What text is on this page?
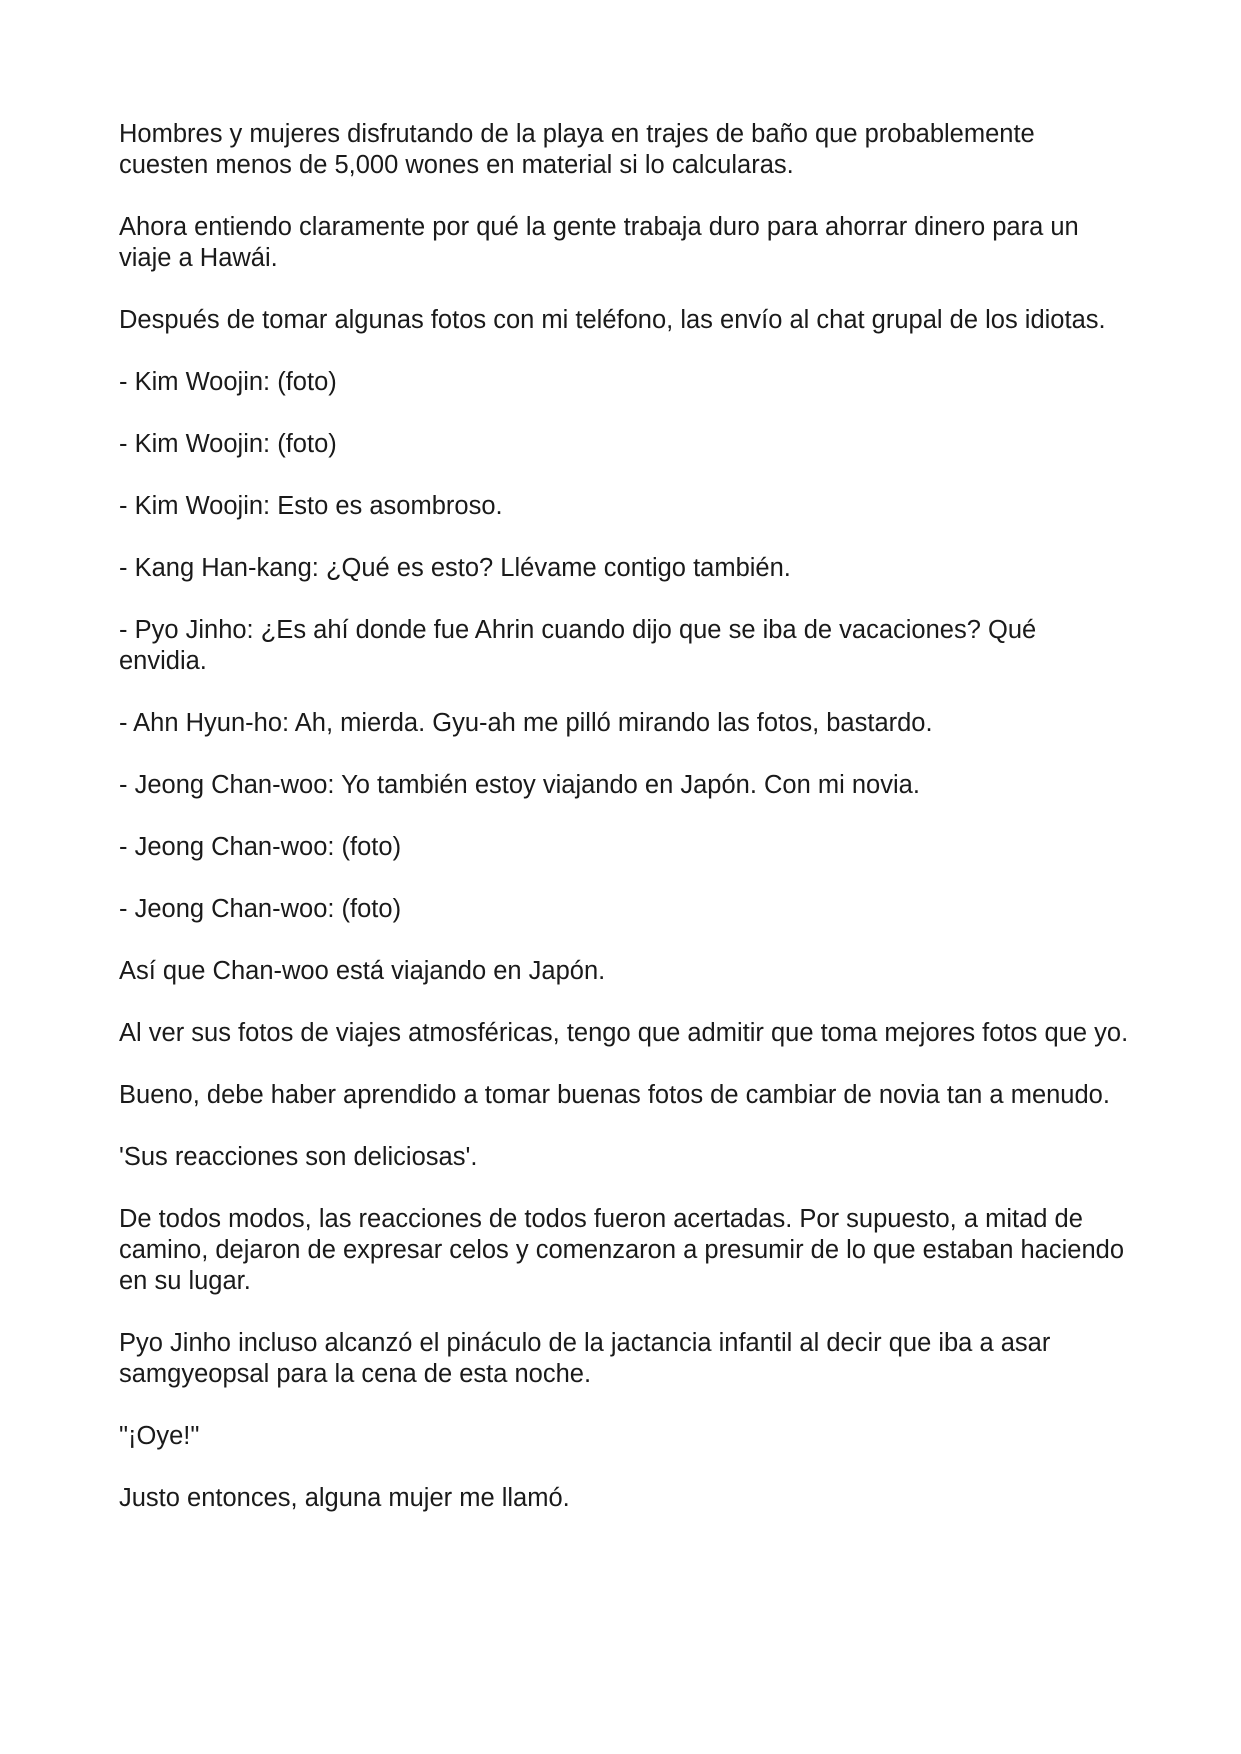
Hombres y mujeres disfrutando de la playa en trajes de baño que probablemente cuesten menos de 5,000 wones en material si lo calcularas.

Ahora entiendo claramente por qué la gente trabaja duro para ahorrar dinero para un viaje a Hawái.

Después de tomar algunas fotos con mi teléfono, las envío al chat grupal de los idiotas.

- Kim Woojin: (foto)

- Kim Woojin: (foto)

- Kim Woojin: Esto es asombroso.

- Kang Han-kang: ¿Qué es esto? Llévame contigo también.

- Pyo Jinho: ¿Es ahí donde fue Ahrin cuando dijo que se iba de vacaciones? Qué envidia.

- Ahn Hyun-ho: Ah, mierda. Gyu-ah me pilló mirando las fotos, bastardo.

- Jeong Chan-woo: Yo también estoy viajando en Japón. Con mi novia.

- Jeong Chan-woo: (foto)

- Jeong Chan-woo: (foto)

Así que Chan-woo está viajando en Japón.

Al ver sus fotos de viajes atmosféricas, tengo que admitir que toma mejores fotos que yo.

Bueno, debe haber aprendido a tomar buenas fotos de cambiar de novia tan a menudo.

'Sus reacciones son deliciosas'.

De todos modos, las reacciones de todos fueron acertadas. Por supuesto, a mitad de camino, dejaron de expresar celos y comenzaron a presumir de lo que estaban haciendo en su lugar.

Pyo Jinho incluso alcanzó el pináculo de la jactancia infantil al decir que iba a asar samgyeopsal para la cena de esta noche.

"¡Oye!"

Justo entonces, alguna mujer me llamó.
